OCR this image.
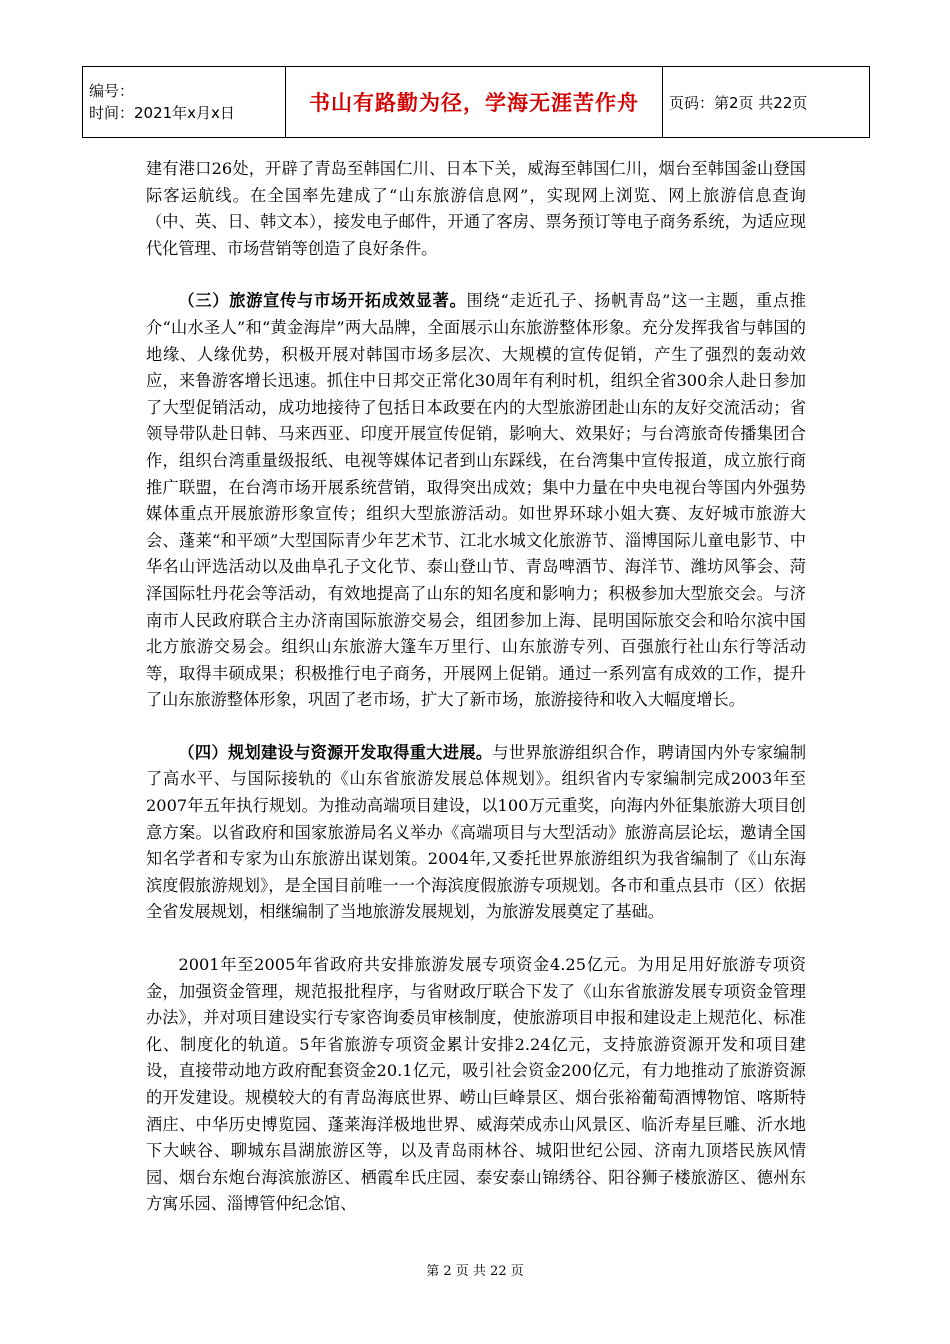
编号：
时间：2021年x月x日	书山有路勤为径，学海无涯苦作舟	页码：第2页 共22页

建有港口26处，开辟了青岛至韩国仁川、日本下关，威海至韩国仁川，烟台至韩国釜山登国际客运航线。在全国率先建成了“山东旅游信息网”，实现网上浏览、网上旅游信息查询（中、英、日、韩文本），接发电子邮件，开通了客房、票务预订等电子商务系统，为适应现代化管理、市场营销等创造了良好条件。

（三）旅游宣传与市场开拓成效显著。围绕“走近孔子、扬帆青岛”这一主题，重点推介“山水圣人”和“黄金海岸”两大品牌，全面展示山东旅游整体形象。充分发挥我省与韩国的地缘、人缘优势，积极开展对韩国市场多层次、大规模的宣传促销，产生了强烈的轰动效应，来鲁游客增长迅速。抓住中日邦交正常化30周年有利时机，组织全省300余人赴日参加了大型促销活动，成功地接待了包括日本政要在内的大型旅游团赴山东的友好交流活动；省领导带队赴日韩、马来西亚、印度开展宣传促销，影响大、效果好；与台湾旅奇传播集团合作，组织台湾重量级报纸、电视等媒体记者到山东踩线，在台湾集中宣传报道，成立旅行商推广联盟，在台湾市场开展系统营销，取得突出成效；集中力量在中央电视台等国内外强势媒体重点开展旅游形象宣传；组织大型旅游活动。如世界环球小姐大赛、友好城市旅游大会、蓬莱“和平颂”大型国际青少年艺术节、江北水城文化旅游节、淄博国际儿童电影节、中华名山评选活动以及曲阜孔子文化节、泰山登山节、青岛啤酒节、海洋节、潍坊风筝会、菏泽国际牡丹花会等活动，有效地提高了山东的知名度和影响力；积极参加大型旅交会。与济南市人民政府联合主办济南国际旅游交易会，组团参加上海、昆明国际旅交会和哈尔滨中国北方旅游交易会。组织山东旅游大篷车万里行、山东旅游专列、百强旅行社山东行等活动等，取得丰硕成果；积极推行电子商务，开展网上促销。通过一系列富有成效的工作，提升了山东旅游整体形象，巩固了老市场，扩大了新市场，旅游接待和收入大幅度增长。

（四）规划建设与资源开发取得重大进展。与世界旅游组织合作，聘请国内外专家编制了高水平、与国际接轨的《山东省旅游发展总体规划》。组织省内专家编制完成2003年至2007年五年执行规划。为推动高端项目建设，以100万元重奖，向海内外征集旅游大项目创意方案。以省政府和国家旅游局名义举办《高端项目与大型活动》旅游高层论坛，邀请全国知名学者和专家为山东旅游出谋划策。2004年,又委托世界旅游组织为我省编制了《山东海滨度假旅游规划》，是全国目前唯一一个海滨度假旅游专项规划。各市和重点县市（区）依据全省发展规划，相继编制了当地旅游发展规划，为旅游发展奠定了基础。

2001年至2005年省政府共安排旅游发展专项资金4.25亿元。为用足用好旅游专项资金，加强资金管理，规范报批程序，与省财政厅联合下发了《山东省旅游发展专项资金管理办法》，并对项目建设实行专家咨询委员审核制度，使旅游项目申报和建设走上规范化、标准化、制度化的轨道。5年省旅游专项资金累计安排2.24亿元，支持旅游资源开发和项目建设，直接带动地方政府配套资金20.1亿元，吸引社会资金200亿元，有力地推动了旅游资源的开发建设。规模较大的有青岛海底世界、崂山巨峰景区、烟台张裕葡萄酒博物馆、喀斯特酒庄、中华历史博览园、蓬莱海洋极地世界、威海荣成赤山风景区、临沂寿星巨雕、沂水地下大峡谷、聊城东昌湖旅游区等，以及青岛雨林谷、城阳世纪公园、济南九顶塔民族风情园、烟台东炮台海滨旅游区、栖霞牟氏庄园、泰安泰山锦绣谷、阳谷狮子楼旅游区、德州东方寓乐园、淄博管仲纪念馆、

第 2 页 共 22 页
